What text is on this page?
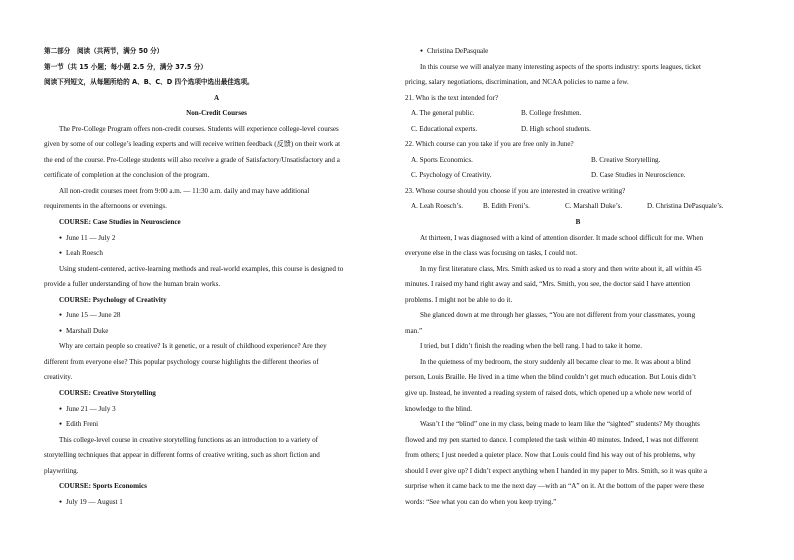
第二部分　阅读（共两节，满分 50 分）

第一节（共 15 小题；每小题 2.5 分，满分 37.5 分）

阅读下列短文，从每题所给的 A、B、C、D 四个选项中选出最佳选项。

A

Non-Credit Courses

The Pre-College Program offers non-credit courses. Students will experience college-level courses
given by some of our college’s leading experts and will receive written feedback (反馈) on their work at
the end of the course. Pre-College students will also receive a grade of Satisfactory/Unsatisfactory and a
certificate of completion at the conclusion of the program.
All non-credit courses meet from 9:00 a.m. — 11:30 a.m. daily and may have additional
requirements in the afternoons or evenings.

COURSE: Case Studies in Neuroscience

● June 11 — July 2

● Leah Roesch

Using student-centered, active-learning methods and real-world examples, this course is designed to
provide a fuller understanding of how the human brain works.

COURSE: Psychology of Creativity

● June 15 — June 28

● Marshall Duke

Why are certain people so creative? Is it genetic, or a result of childhood experience? Are they
different from everyone else? This popular psychology course highlights the different theories of
creativity.

COURSE: Creative Storytelling

● June 21 — July 3

● Edith Freni

This college-level course in creative storytelling functions as an introduction to a variety of
storytelling techniques that appear in different forms of creative writing, such as short fiction and
playwriting.

COURSE: Sports Economics

● July 19 — August 1

● Christina DePasquale

In this course we will analyze many interesting aspects of the sports industry: sports leagues, ticket
pricing, salary negotiations, discrimination, and NCAA policies to name a few.

21. Who is the text intended for?

A. The general public.	B. College freshmen.
C. Educational experts.	D. High school students.

22. Which course can you take if you are free only in June?

A. Sports Economics.	B. Creative Storytelling.
C. Psychology of Creativity.	D. Case Studies in Neuroscience.

23. Whose course should you choose if you are interested in creative writing?

A. Leah Roesch’s.	B. Edith Freni’s.	C. Marshall Duke’s.	D. Christina DePasquale’s.

B

At thirteen, I was diagnosed with a kind of attention disorder. It made school difficult for me. When
everyone else in the class was focusing on tasks, I could not.
In my first literature class, Mrs. Smith asked us to read a story and then write about it, all within 45
minutes. I raised my hand right away and said, “Mrs. Smith, you see, the doctor said I have attention
problems. I might not be able to do it.
She glanced down at me through her glasses, “You are not different from your classmates, young
man.”
I tried, but I didn’t finish the reading when the bell rang. I had to take it home.
In the quietness of my bedroom, the story suddenly all became clear to me. It was about a blind
person, Louis Braille. He lived in a time when the blind couldn’t get much education. But Louis didn’t
give up. Instead, he invented a reading system of raised dots, which opened up a whole new world of
knowledge to the blind.
Wasn’t I the “blind” one in my class, being made to learn like the “sighted” students? My thoughts
flowed and my pen started to dance. I completed the task within 40 minutes. Indeed, I was not different
from others; I just needed a quieter place. Now that Louis could find his way out of his problems, why
should I ever give up? I didn’t expect anything when I handed in my paper to Mrs. Smith, so it was quite a
surprise when it came back to me the next day —with an “A” on it. At the bottom of the paper were these
words: “See what you can do when you keep trying.”
